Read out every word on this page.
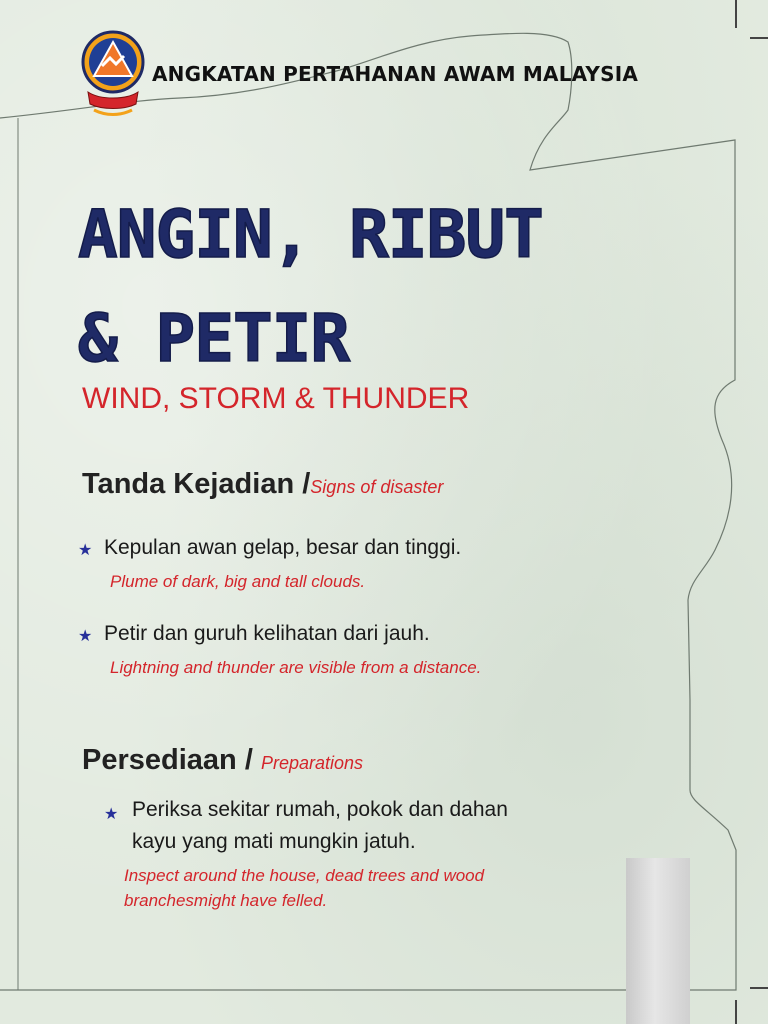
ANGKATAN PERTAHANAN AWAM MALAYSIA
ANGIN, RIBUT
& PETIR
WIND, STORM & THUNDER
Tanda Kejadian /Signs of disaster
★ Kepulan awan gelap, besar dan tinggi.
Plume of dark, big and tall clouds.
★ Petir dan guruh kelihatan dari jauh.
Lightning and thunder are visible from a distance.
Persediaan / Preparations
★ Periksa sekitar rumah, pokok dan dahan
kayu yang mati mungkin jatuh.
Inspect around the house, dead trees and wood
branchesmight have felled.
